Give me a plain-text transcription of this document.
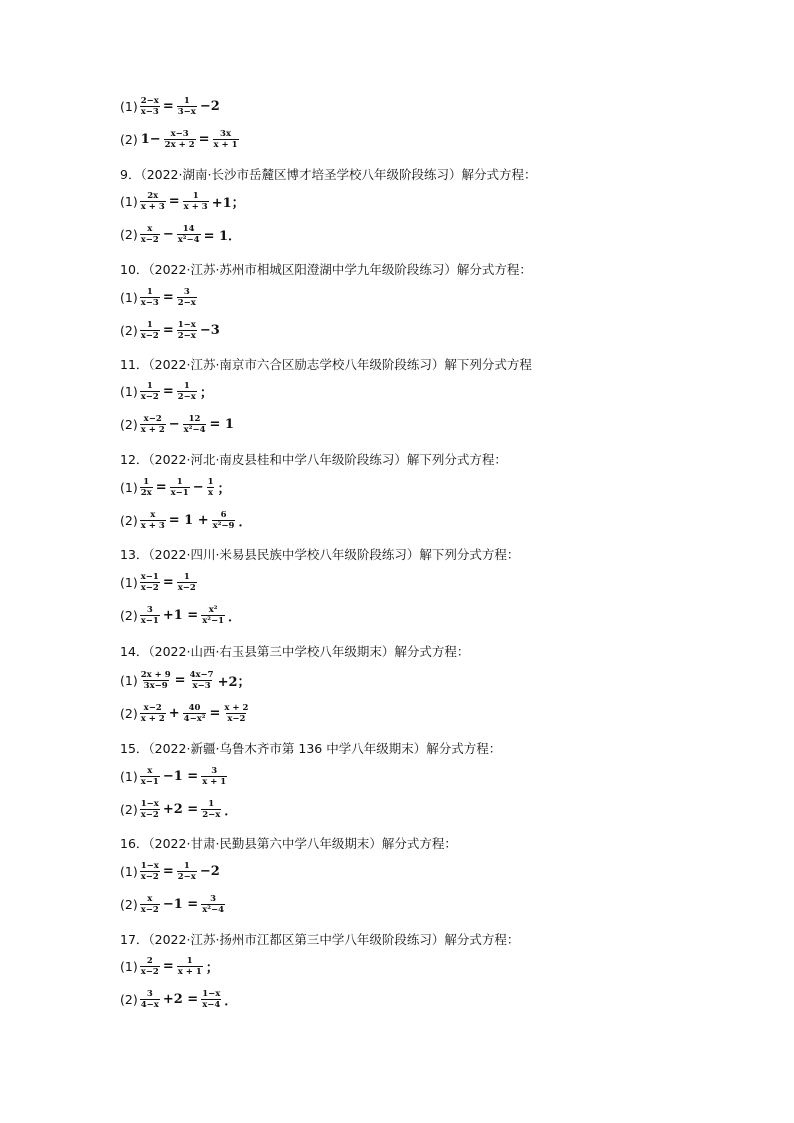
$(1) \frac{2-x}{x-3} = \frac{1}{3-x} -2$
(2) $1- \frac{x-3}{2x + 2} = \frac{3x}{x + 1}$
9．（2022·湖南·长沙市岳麓区博才培圣学校八年级阶段练习）解分式方程：
$(1) \frac{2x}{x + 3} = \frac{1}{x + 3} +1$；
$(2) \frac{x}{x-2} - \frac{14}{\text{x²−4}} = 1$．
10．（2022·江苏·苏州市相城区阳澄湖中学九年级阶段练习）解分式方程：
$(1) \frac{1}{x-3} = \frac{3}{2-x}$
$(2) \frac{1}{x-2} = \frac{1-x}{2-x} -3$
11．（2022·江苏·南京市六合区励志学校八年级阶段练习）解下列分式方程
$(1) \frac{1}{x-2} = \frac{1}{2-x}$ ；
$(2) \frac{x-2}{x + 2} - \frac{12}{\text{x²−4}} = 1$
12．（2022·河北·南皮县桂和中学八年级阶段练习）解下列分式方程：
$(1) \frac{1}{2x} = \frac{1}{x-1} - \frac{1}{x}$ ；
$(2) \frac{x}{x + 3} = 1 + \frac{6}{\text{x²−9}}$ ．
13．（2022·四川·米易县民族中学校八年级阶段练习）解下列分式方程：
$(1) \frac{x-1}{x-2} = \frac{1}{x-2}$
$(2) \frac{3}{x-1} +1 = \frac{\text{x²}}{\text{x²−1}}$ ．
14．（2022·山西·右玉县第三中学校八年级期末）解分式方程：
$(1) \frac{2x + 9}{3x-9} = \frac{4x-7}{x-3} +2$；
$(2) \frac{x-2}{x + 2} + \frac{40}{\text{4−x²}} = \frac{x + 2}{x-2}$
15．（2022·新疆·乌鲁木齐市第 136 中学八年级期末）解分式方程：
$(1) \frac{x}{x-1} -1 = \frac{3}{x + 1}$
$(2) \frac{1-x}{x-2} +2 = \frac{1}{2-x}$ ．
16．（2022·甘肃·民勤县第六中学八年级期末）解分式方程：
$(1) \frac{1-x}{x-2} = \frac{1}{2-x} -2$
$(2) \frac{x}{x-2} -1 = \frac{3}{\text{x²−4}}$
17．（2022·江苏·扬州市江都区第三中学八年级阶段练习）解分式方程：
$(1) \frac{2}{x-2} = \frac{1}{x + 1}$ ；
$(2) \frac{3}{4-x} +2 = \frac{1-x}{x-4}$ ．
